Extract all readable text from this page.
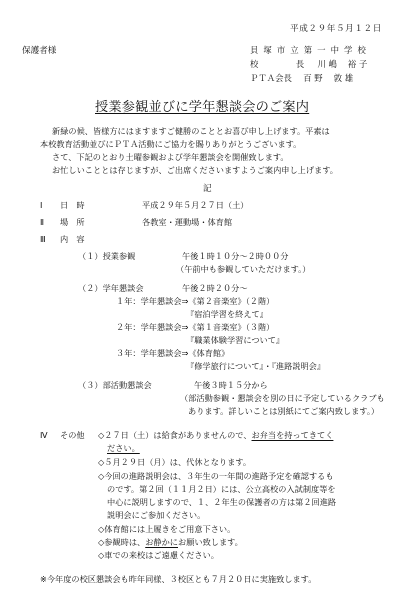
平成２９年５月１２日
保護者様	貝 塚 市 立 第 一 中 学 校
校	長 川 嶋　 裕 子
ＰＴＡ会長 百 野　 敦 雄
授業参観並びに学年懇談会のご案内
新緑の候、皆様方にはますますご健勝のこととお喜び申し上げます。平素は
本校教育活動並びにＰＴＡ活動にご協力を賜りありがとうございます。
さて、下記のとおり土曜参観および学年懇談会を開催致します。
お忙しいこととは存じますが、ご出席くださいますようご案内申し上げます。
記
Ⅰ 日　時	平成２９年５月２７日（土）
Ⅱ 場　所	各教室・運動場・体育館
Ⅲ 内　容
（１）授業参観	午後１時１０分～２時００分
（午前中も参観していただけます。）
（２）学年懇談会	午後２時２０分～
１年：学年懇談会⇒《第２音楽室》（２階）
『宿泊学習を終えて』
２年：学年懇談会⇒《第１音楽室》（３階）
『職業体験学習について』
３年：学年懇談会⇒《体育館》
『修学旅行について』・『進路説明会』
（３）部活動懇談会	午後３時１５分から
（部活動参観・懇談会を別の日に予定しているクラブも
あります。詳しいことは別紙にてご案内致します。）
Ⅳ その他 ◇２７日（土）は給食がありませんので、お弁当を持ってきてく
ださい。
◇５月２９日（月）は、代休となります。
◇今回の進路説明会は、３年生の一年間の進路予定を確認するも
のです。第２回（１１月２日）には、公立高校の入試制度等を
中心に説明しますので、１、２年生の保護者の方は第２回進路
説明会にご参加ください。
◇体育館には上履きをご用意下さい。
◇参観時は、お静かにお願い致します。
◇車での来校はご遠慮ください。
※今年度の校区懇談会も昨年同様、３校区とも７月２０日に実施致します。
